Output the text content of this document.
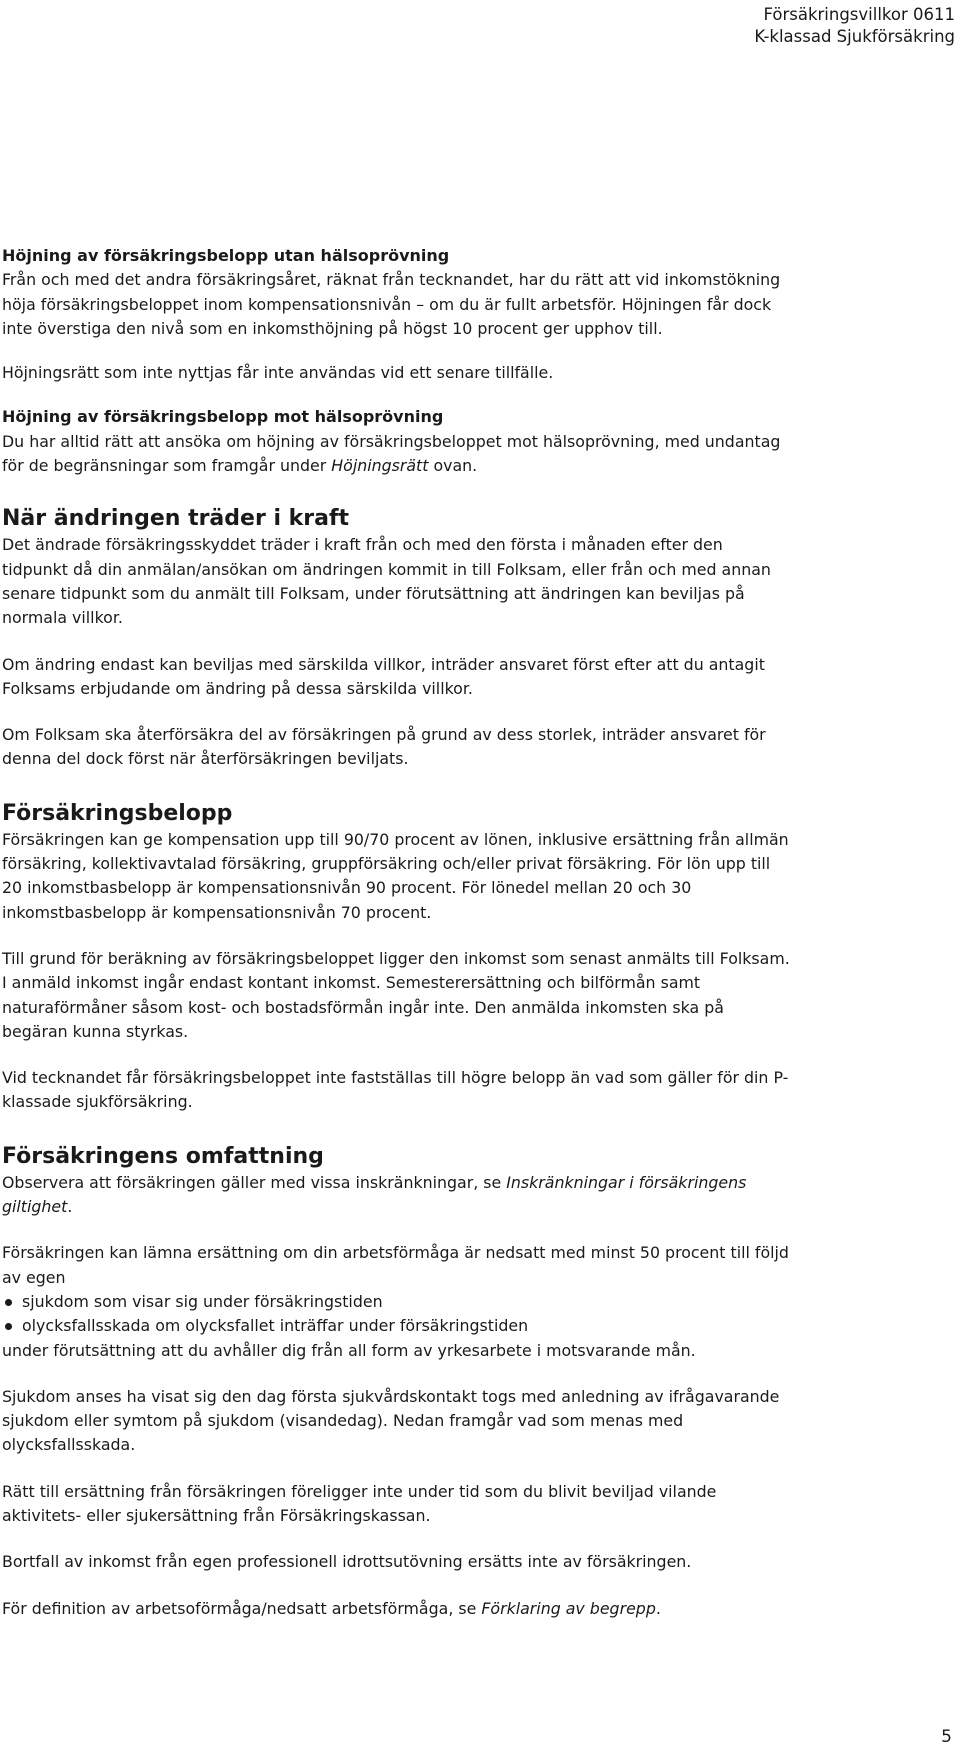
Försäkringsvillkor 0611
K-klassad Sjukförsäkring

Höjning av försäkringsbelopp utan hälsoprövning

Från och med det andra försäkringsåret, räknat från tecknandet, har du rätt att vid inkomstökning höja försäkringsbeloppet inom kompensationsnivån – om du är fullt arbetsför. Höjningen får dock inte överstiga den nivå som en inkomsthöjning på högst 10 procent ger upphov till.

Höjningsrätt som inte nyttjas får inte användas vid ett senare tillfälle.

Höjning av försäkringsbelopp mot hälsoprövning

Du har alltid rätt att ansöka om höjning av försäkringsbeloppet mot hälsoprövning, med undantag för de begränsningar som framgår under Höjningsrätt ovan.

När ändringen träder i kraft

Det ändrade försäkringsskyddet träder i kraft från och med den första i månaden efter den tidpunkt då din anmälan/ansökan om ändringen kommit in till Folksam, eller från och med annan senare tidpunkt som du anmält till Folksam, under förutsättning att ändringen kan beviljas på normala villkor.

Om ändring endast kan beviljas med särskilda villkor, inträder ansvaret först efter att du antagit Folksams erbjudande om ändring på dessa särskilda villkor.

Om Folksam ska återförsäkra del av försäkringen på grund av dess storlek, inträder ansvaret för denna del dock först när återförsäkringen beviljats.

Försäkringsbelopp

Försäkringen kan ge kompensation upp till 90/70 procent av lönen, inklusive ersättning från allmän försäkring, kollektivavtalad försäkring, gruppförsäkring och/eller privat försäkring. För lön upp till 20 inkomstbasbelopp är kompensationsnivån 90 procent. För lönedel mellan 20 och 30 inkomstbasbelopp är kompensationsnivån 70 procent.

Till grund för beräkning av försäkringsbeloppet ligger den inkomst som senast anmälts till Folksam. I anmäld inkomst ingår endast kontant inkomst. Semesterersättning och bilförmån samt naturaförmåner såsom kost- och bostadsförmån ingår inte. Den anmälda inkomsten ska på begäran kunna styrkas.

Vid tecknandet får försäkringsbeloppet inte fastställas till högre belopp än vad som gäller för din P-klassade sjukförsäkring.

Försäkringens omfattning

Observera att försäkringen gäller med vissa inskränkningar, se Inskränkningar i försäkringens giltighet.

Försäkringen kan lämna ersättning om din arbetsförmåga är nedsatt med minst 50 procent till följd av egen

sjukdom som visar sig under försäkringstiden
olycksfallsskada om olycksfallet inträffar under försäkringstiden

under förutsättning att du avhåller dig från all form av yrkesarbete i motsvarande mån.

Sjukdom anses ha visat sig den dag första sjukvårdskontakt togs med anledning av ifrågavarande sjukdom eller symtom på sjukdom (visandedag). Nedan framgår vad som menas med olycksfallsskada.

Rätt till ersättning från försäkringen föreligger inte under tid som du blivit beviljad vilande aktivitets- eller sjukersättning från Försäkringskassan.

Bortfall av inkomst från egen professionell idrottsutövning ersätts inte av försäkringen.

För definition av arbetsoförmåga/nedsatt arbetsförmåga, se Förklaring av begrepp.

5
